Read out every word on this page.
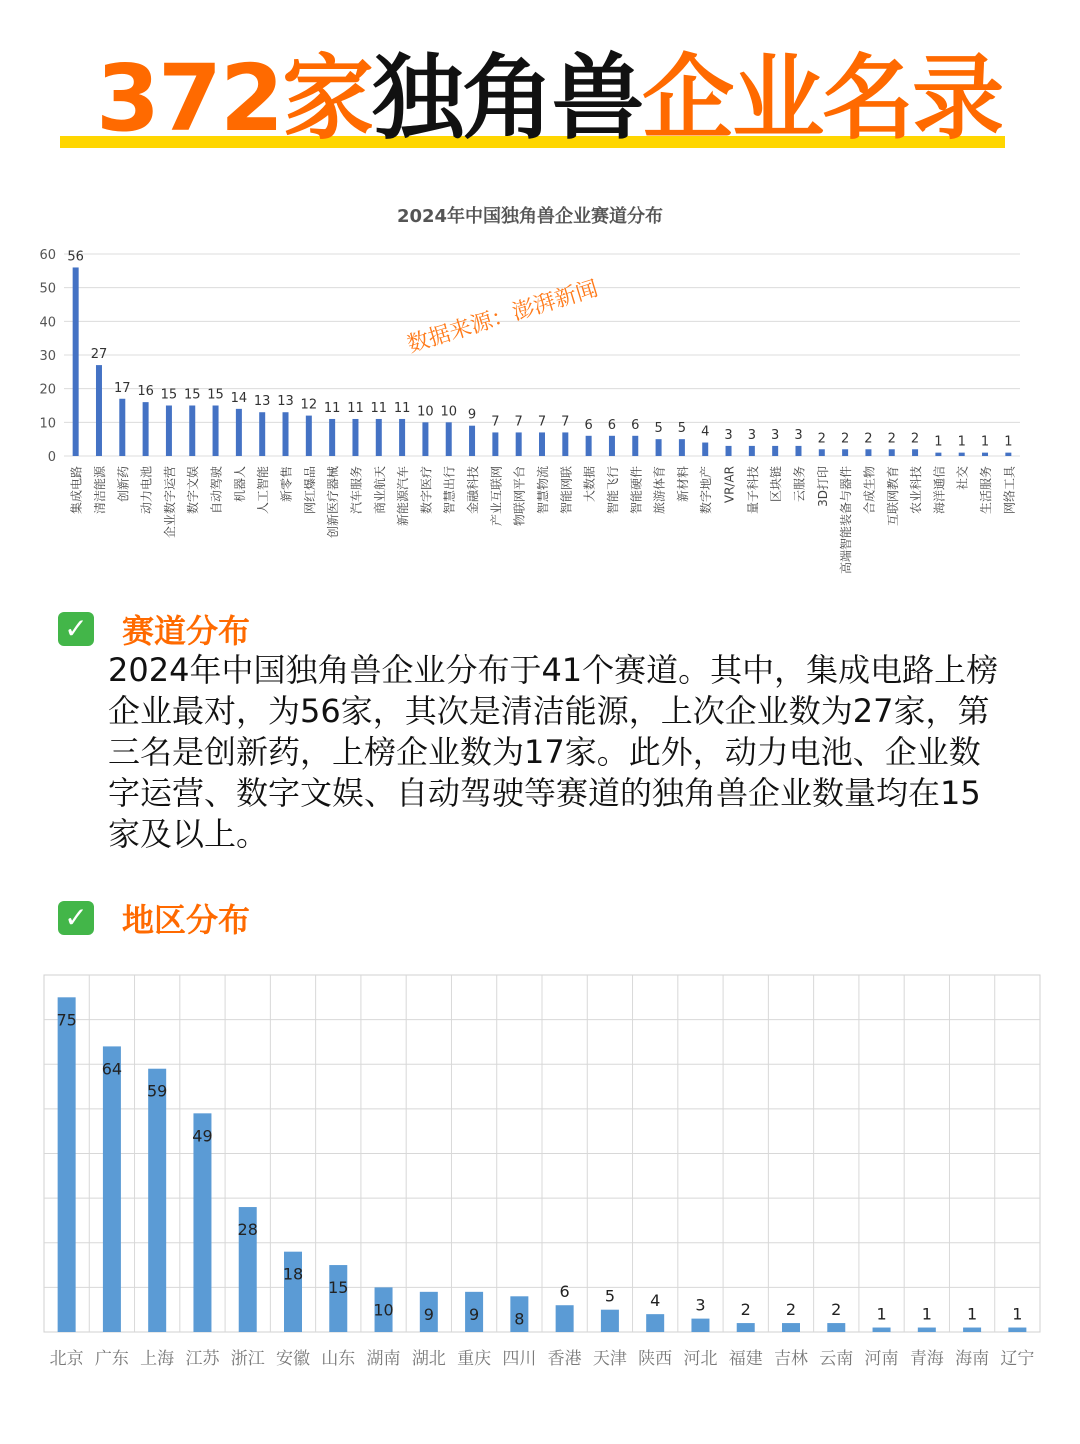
372家独角兽企业名录
2024年中国独角兽企业赛道分布
0
10
20
30
40
50
60 56
集成电路
27
清洁能源
17
创新药
16
动力电池
15
企业数字运营
15
数字文娱
15
自动驾驶
14
机器人
13
人工智能
13
新零售
12
网红爆品
11
创新医疗器械
11
汽车服务
11
商业航天
11
新能源汽车
10
数字医疗
10
智慧出行
9
金融科技
7
产业互联网
7
物联网平台
7
智慧物流
7
智能网联
6
大数据
6
智能飞行
6
智能硬件
5
旅游体育
5
新材料
4
数字地产
3
VR/AR
3
量子科技
3
区块链
3
云服务
2
3D打印
2
高端智能装备与器件
2
合成生物
2
互联网教育
2
农业科技
1
海洋通信
1
社交
1
生活服务
1
网络工具
数据来源：澎湃新闻
✓ 赛道分布
2024年中国独角兽企业分布于41个赛道。其中，集成电路上榜企业最对，为56家，其次是清洁能源，上次企业数为27家，第三名是创新药，上榜企业数为17家。此外，动力电池、企业数字运营、数字文娱、自动驾驶等赛道的独角兽企业数量均在15家及以上。
✓ 地区分布
75
北京
64
广东
59
上海
49
江苏
28
浙江
18
安徽
15
山东
10
湖南
9
湖北
9
重庆
8
四川
6
香港
5
天津
4
陕西
3
河北
2
福建
2
吉林
2
云南
1
河南
1
青海
1
海南
1
辽宁
